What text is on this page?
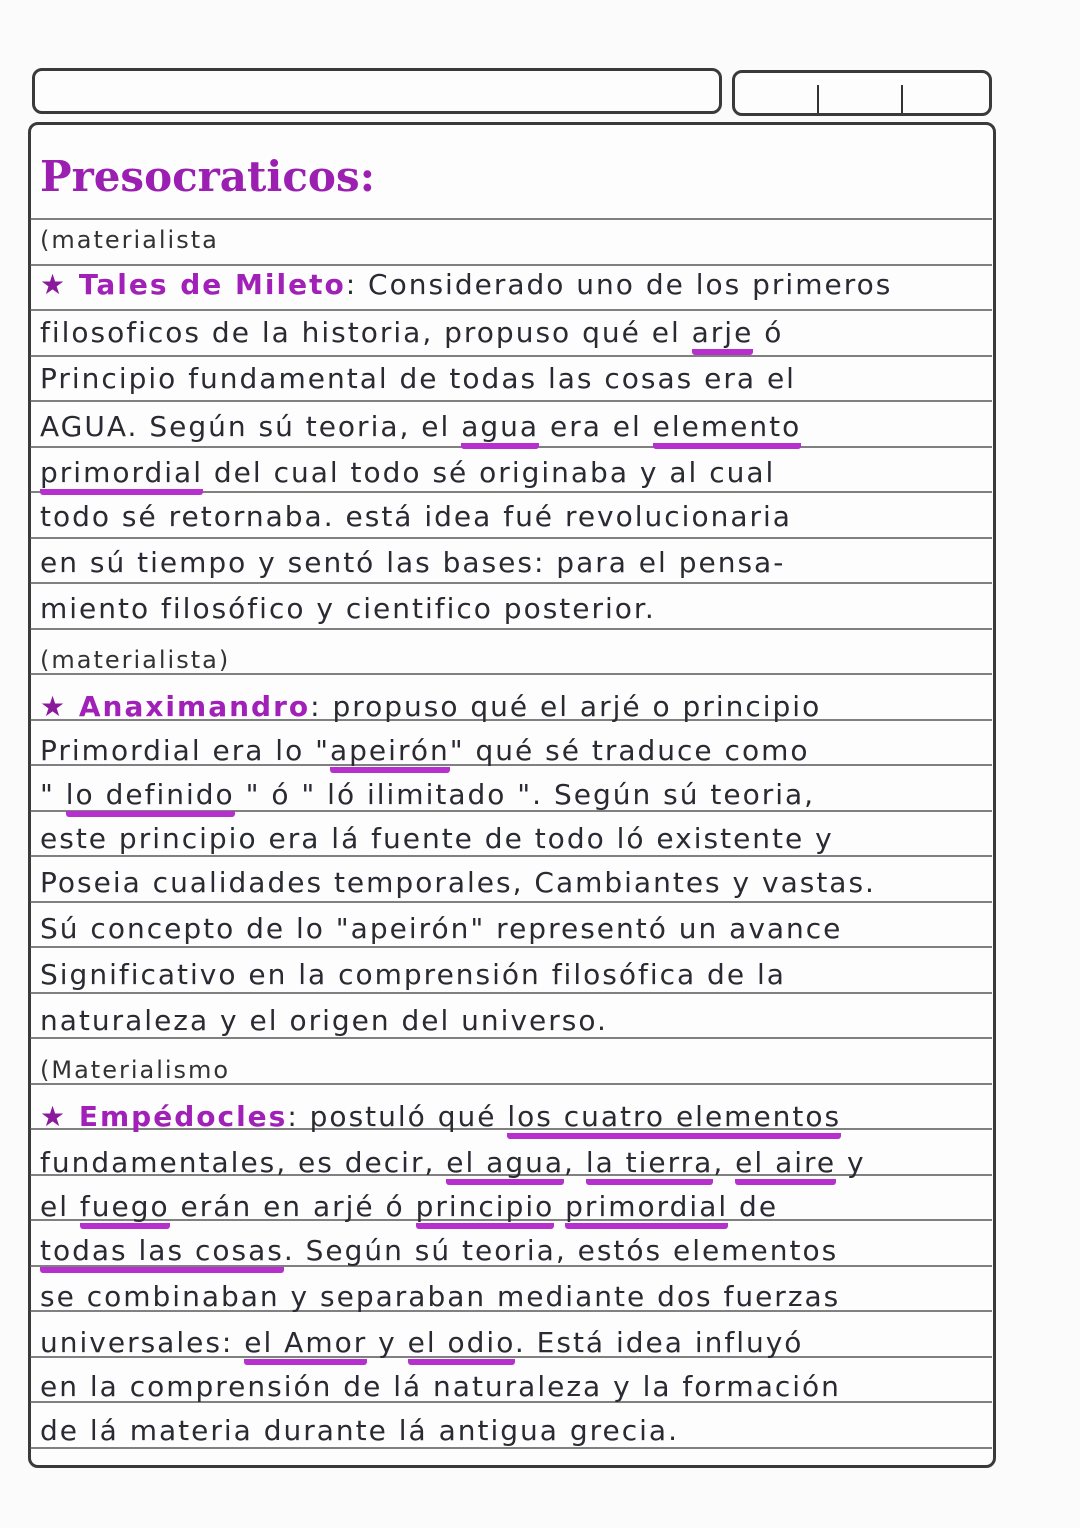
Presocraticos:
(materialista
★ Tales de Mileto: Considerado uno de los primeros
filosoficos de la historia, propuso qué el arje ó
Principio fundamental de todas las cosas era el
AGUA. Según sú teoria, el agua era el elemento
primordial del cual todo sé originaba y al cual
todo sé retornaba. está idea fué revolucionaria
en sú tiempo y sentó las bases: para el pensa-
miento filosófico y cientifico posterior.
(materialista)
★ Anaximandro: propuso qué el arjé o principio
Primordial era lo "apeirón" qué sé traduce como
" lo definido " ó " ló ilimitado ". Según sú teoria,
este principio era lá fuente de todo ló existente y
Poseia cualidades temporales, Cambiantes y vastas.
Sú concepto de lo "apeirón" representó un avance
Significativo en la comprensión filosófica de la
naturaleza y el origen del universo.
(Materialismo
★ Empédocles: postuló qué los cuatro elementos
fundamentales, es decir, el agua, la tierra, el aire y
el fuego erán en arjé ó principio primordial de
todas las cosas. Según sú teoria, estós elementos
se combinaban y separaban mediante dos fuerzas
universales: el Amor y el odio. Está idea influyó
en la comprensión de lá naturaleza y la formación
de lá materia durante lá antigua grecia.
